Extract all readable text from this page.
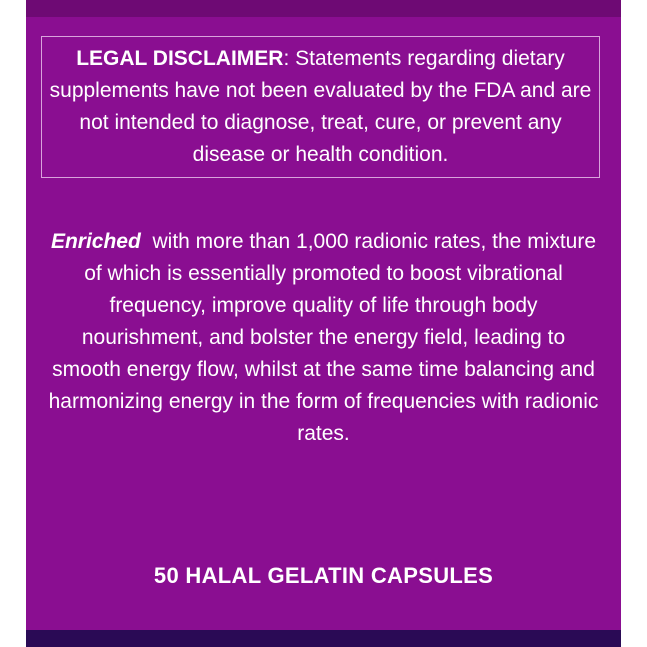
LEGAL DISCLAIMER: Statements regarding dietary supplements have not been evaluated by the FDA and are not intended to diagnose, treat, cure, or prevent any disease or health condition.

Enriched  with more than 1,000 radionic rates, the mixture of which is essentially promoted to boost vibrational frequency, improve quality of life through body nourishment, and bolster the energy field, leading to smooth energy flow, whilst at the same time balancing and harmonizing energy in the form of frequencies with radionic rates.

50 HALAL GELATIN CAPSULES
